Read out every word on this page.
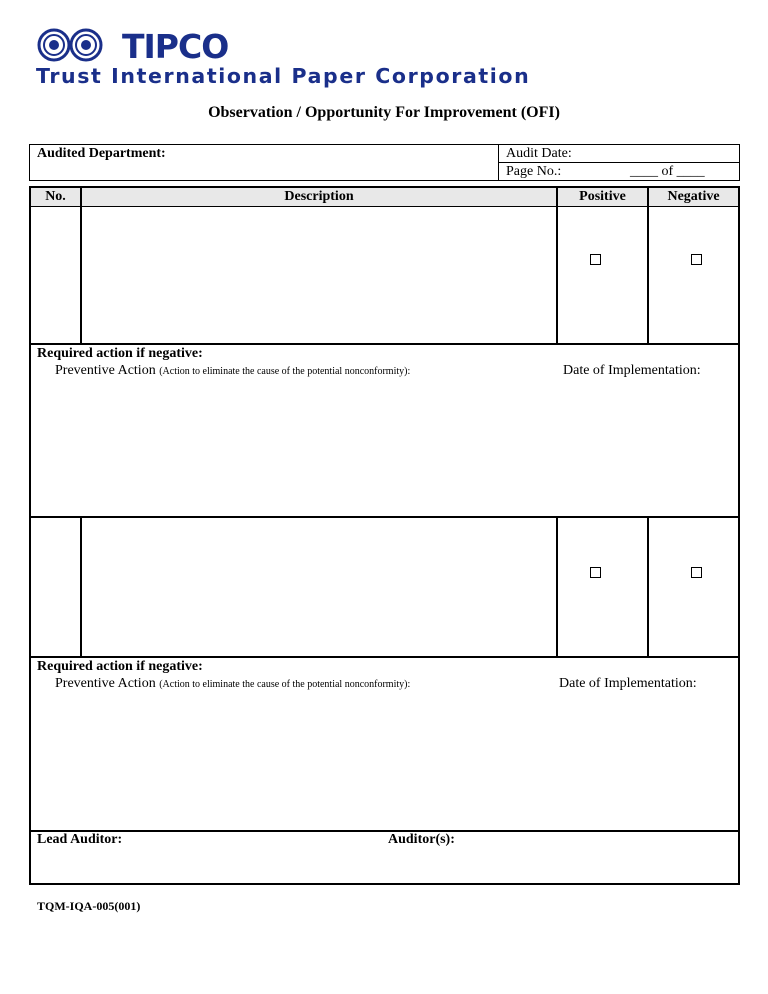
TIPCO
Trust International Paper Corporation
Observation / Opportunity For Improvement (OFI)
Audited Department:	Audit Date:
Page No.:	____ of ____
No.	Description	Positive	Negative
Required action if negative:
Preventive Action (Action to eliminate the cause of the potential nonconformity):	Date of Implementation:
Required action if negative:
Preventive Action (Action to eliminate the cause of the potential nonconformity):	Date of Implementation:
Lead Auditor:	Auditor(s):
TQM-IQA-005(001)
